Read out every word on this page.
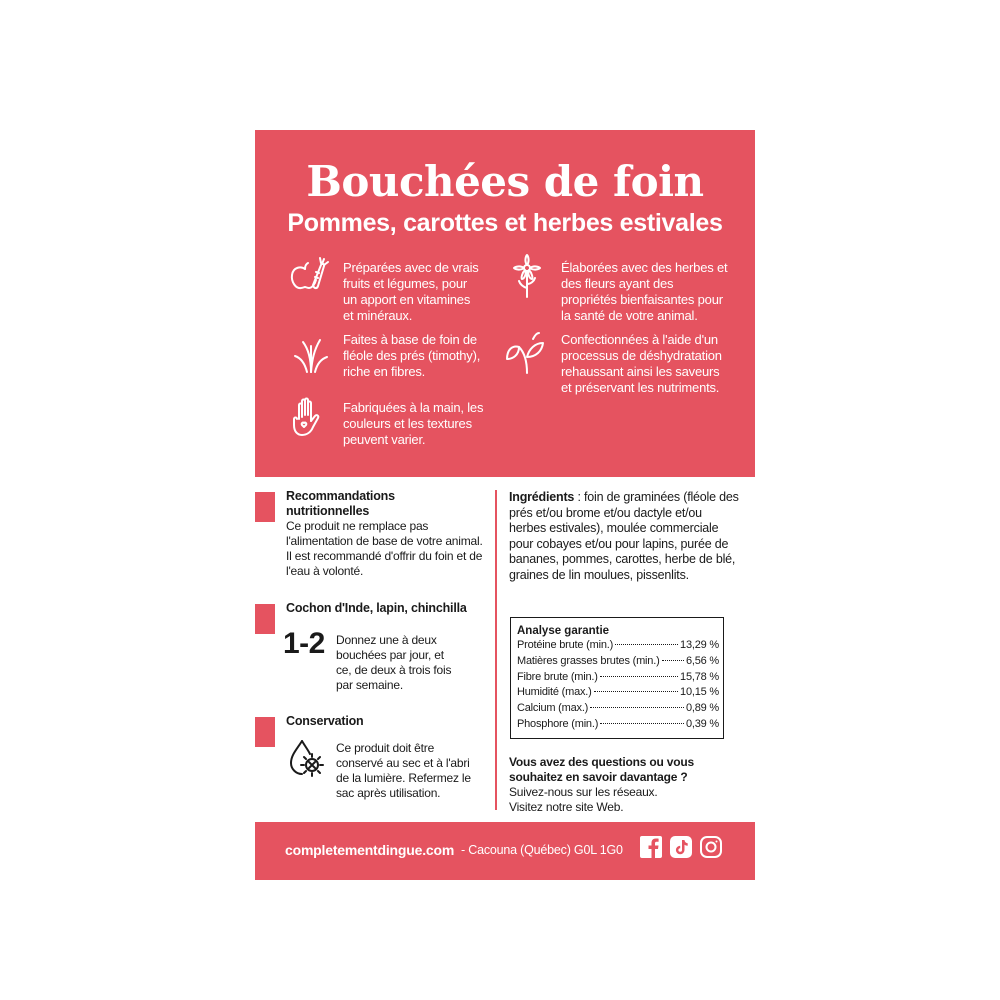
Bouchées de foin
Pommes, carottes et herbes estivales
Préparées avec de vrais fruits et légumes, pour un apport en vitamines et minéraux.
Faites à base de foin de fléole des prés (timothy), riche en fibres.
Fabriquées à la main, les couleurs et les textures peuvent varier.
Élaborées avec des herbes et des fleurs ayant des propriétés bienfaisantes pour la santé de votre animal.
Confectionnées à l'aide d'un processus de déshydratation rehaussant ainsi les saveurs et préservant les nutriments.
Recommandations nutritionnelles
Ce produit ne remplace pas l'alimentation de base de votre animal. Il est recommandé d'offrir du foin et de l'eau à volonté.
Cochon d'Inde, lapin, chinchilla
1-2 Donnez une à deux bouchées par jour, et ce, de deux à trois fois par semaine.
Conservation
Ce produit doit être conservé au sec et à l'abri de la lumière. Refermez le sac après utilisation.
Ingrédients : foin de graminées (fléole des prés et/ou brome et/ou dactyle et/ou herbes estivales), moulée commerciale pour cobayes et/ou pour lapins, purée de bananes, pommes, carottes, herbe de blé, graines de lin moulues, pissenlits.
Analyse garantie
Protéine brute (min.)	13,29 %
Matières grasses brutes (min.) 6,56 %
Fibre brute (min.)	15,78 %
Humidité (max.)	10,15 %
Calcium (max.)	0,89 %
Phosphore (min.)	0,39 %
Vous avez des questions ou vous souhaitez en savoir davantage ?
Suivez-nous sur les réseaux.
Visitez notre site Web.
completementdingue.com - Cacouna (Québec) G0L 1G0
